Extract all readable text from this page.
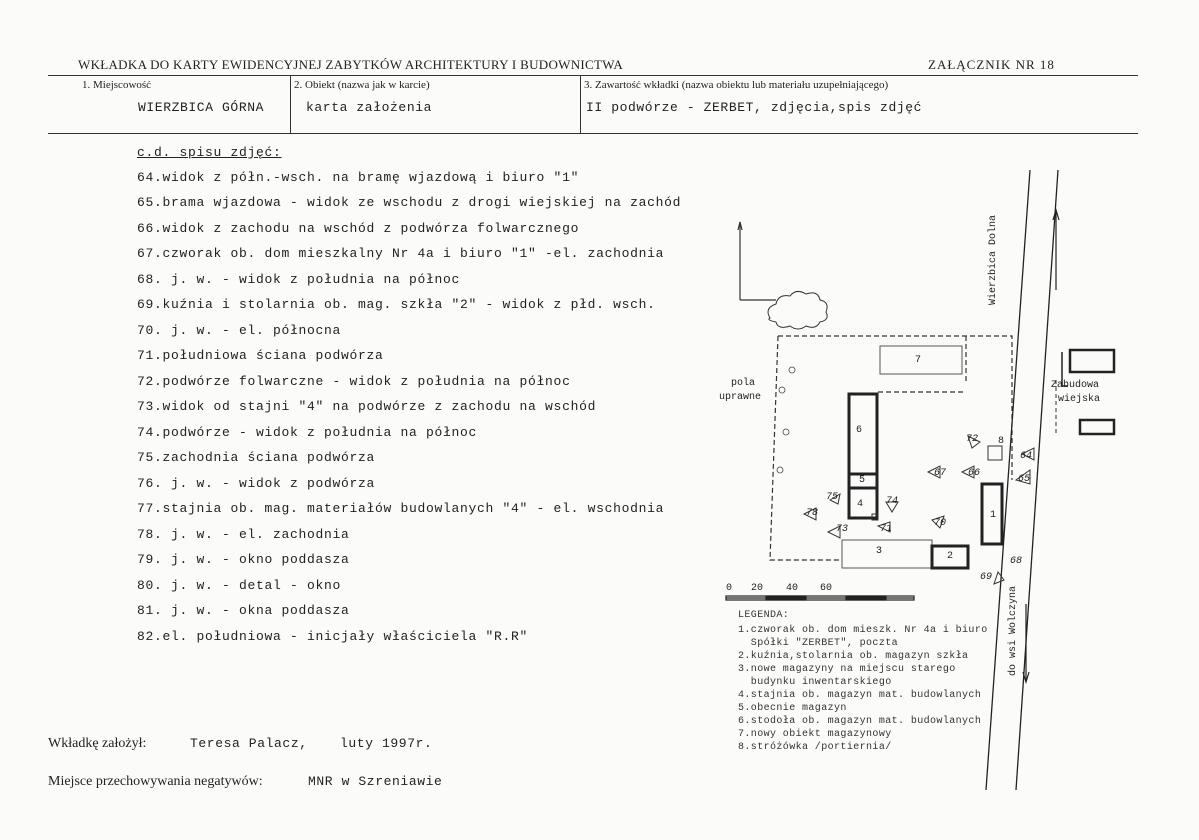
WKŁADKA DO KARTY EWIDENCYJNEJ ZABYTKÓW ARCHITEKTURY I BUDOWNICTWA	ZAŁĄCZNIK NR 18
1. Miejscowość
WIERZBICA GÓRNA
2. Obiekt (nazwa jak w karcie)
karta założenia
3. Zawartość wkładki (nazwa obiektu lub materiału uzupełniającego)
II podwórze - ZERBET, zdjęcia,spis zdjęć
c.d. spisu zdjęć:
64.widok z półn.-wsch. na bramę wjazdową i biuro "1"
65.brama wjazdowa - widok ze wschodu z drogi wiejskiej na zachód
66.widok z zachodu na wschód z podwórza folwarcznego
67.czworak ob. dom mieszkalny Nr 4a i biuro "1" -el. zachodnia
68. j. w. - widok z południa na północ
69.kuźnia i stolarnia ob. mag. szkła "2" - widok z płd. wsch.
70. j. w. - el. północna
71.południowa ściana podwórza
72.podwórze folwarczne - widok z południa na północ
73.widok od stajni "4" na podwórze z zachodu na wschód
74.podwórze - widok z południa na północ
75.zachodnia ściana podwórza
76. j. w. - widok z podwórza
77.stajnia ob. mag. materiałów budowlanych "4" - el. wschodnia
78. j. w. - el. zachodnia
79. j. w. - okno poddasza
80. j. w. - detal - okno
81. j. w. - okna poddasza
82.el. południowa - inicjały właściciela "R.R"
Wkładkę założył:	Teresa Palacz, luty 1997r.
Miejsce przechowywania negatywów:	MNR w Szreniawie
pola
uprawne
Zabudowa
wiejska
Wierzbica Dolna
do wsi Wolczyna
1
2
3
4
5
6
7
8
64
65
66
67
68
69
70
71
72
73
74
75
78
0 20 40 60
LEGENDA:
1.czworak ob. dom mieszk. Nr 4a i biuro
Spółki "ZERBET", poczta
2.kuźnia,stolarnia ob. magazyn szkła
3.nowe magazyny na miejscu starego
budynku inwentarskiego
4.stajnia ob. magazyn mat. budowlanych
5.obecnie magazyn
6.stodoła ob. magazyn mat. budowlanych
7.nowy obiekt magazynowy
8.stróżówka /portiernia/
